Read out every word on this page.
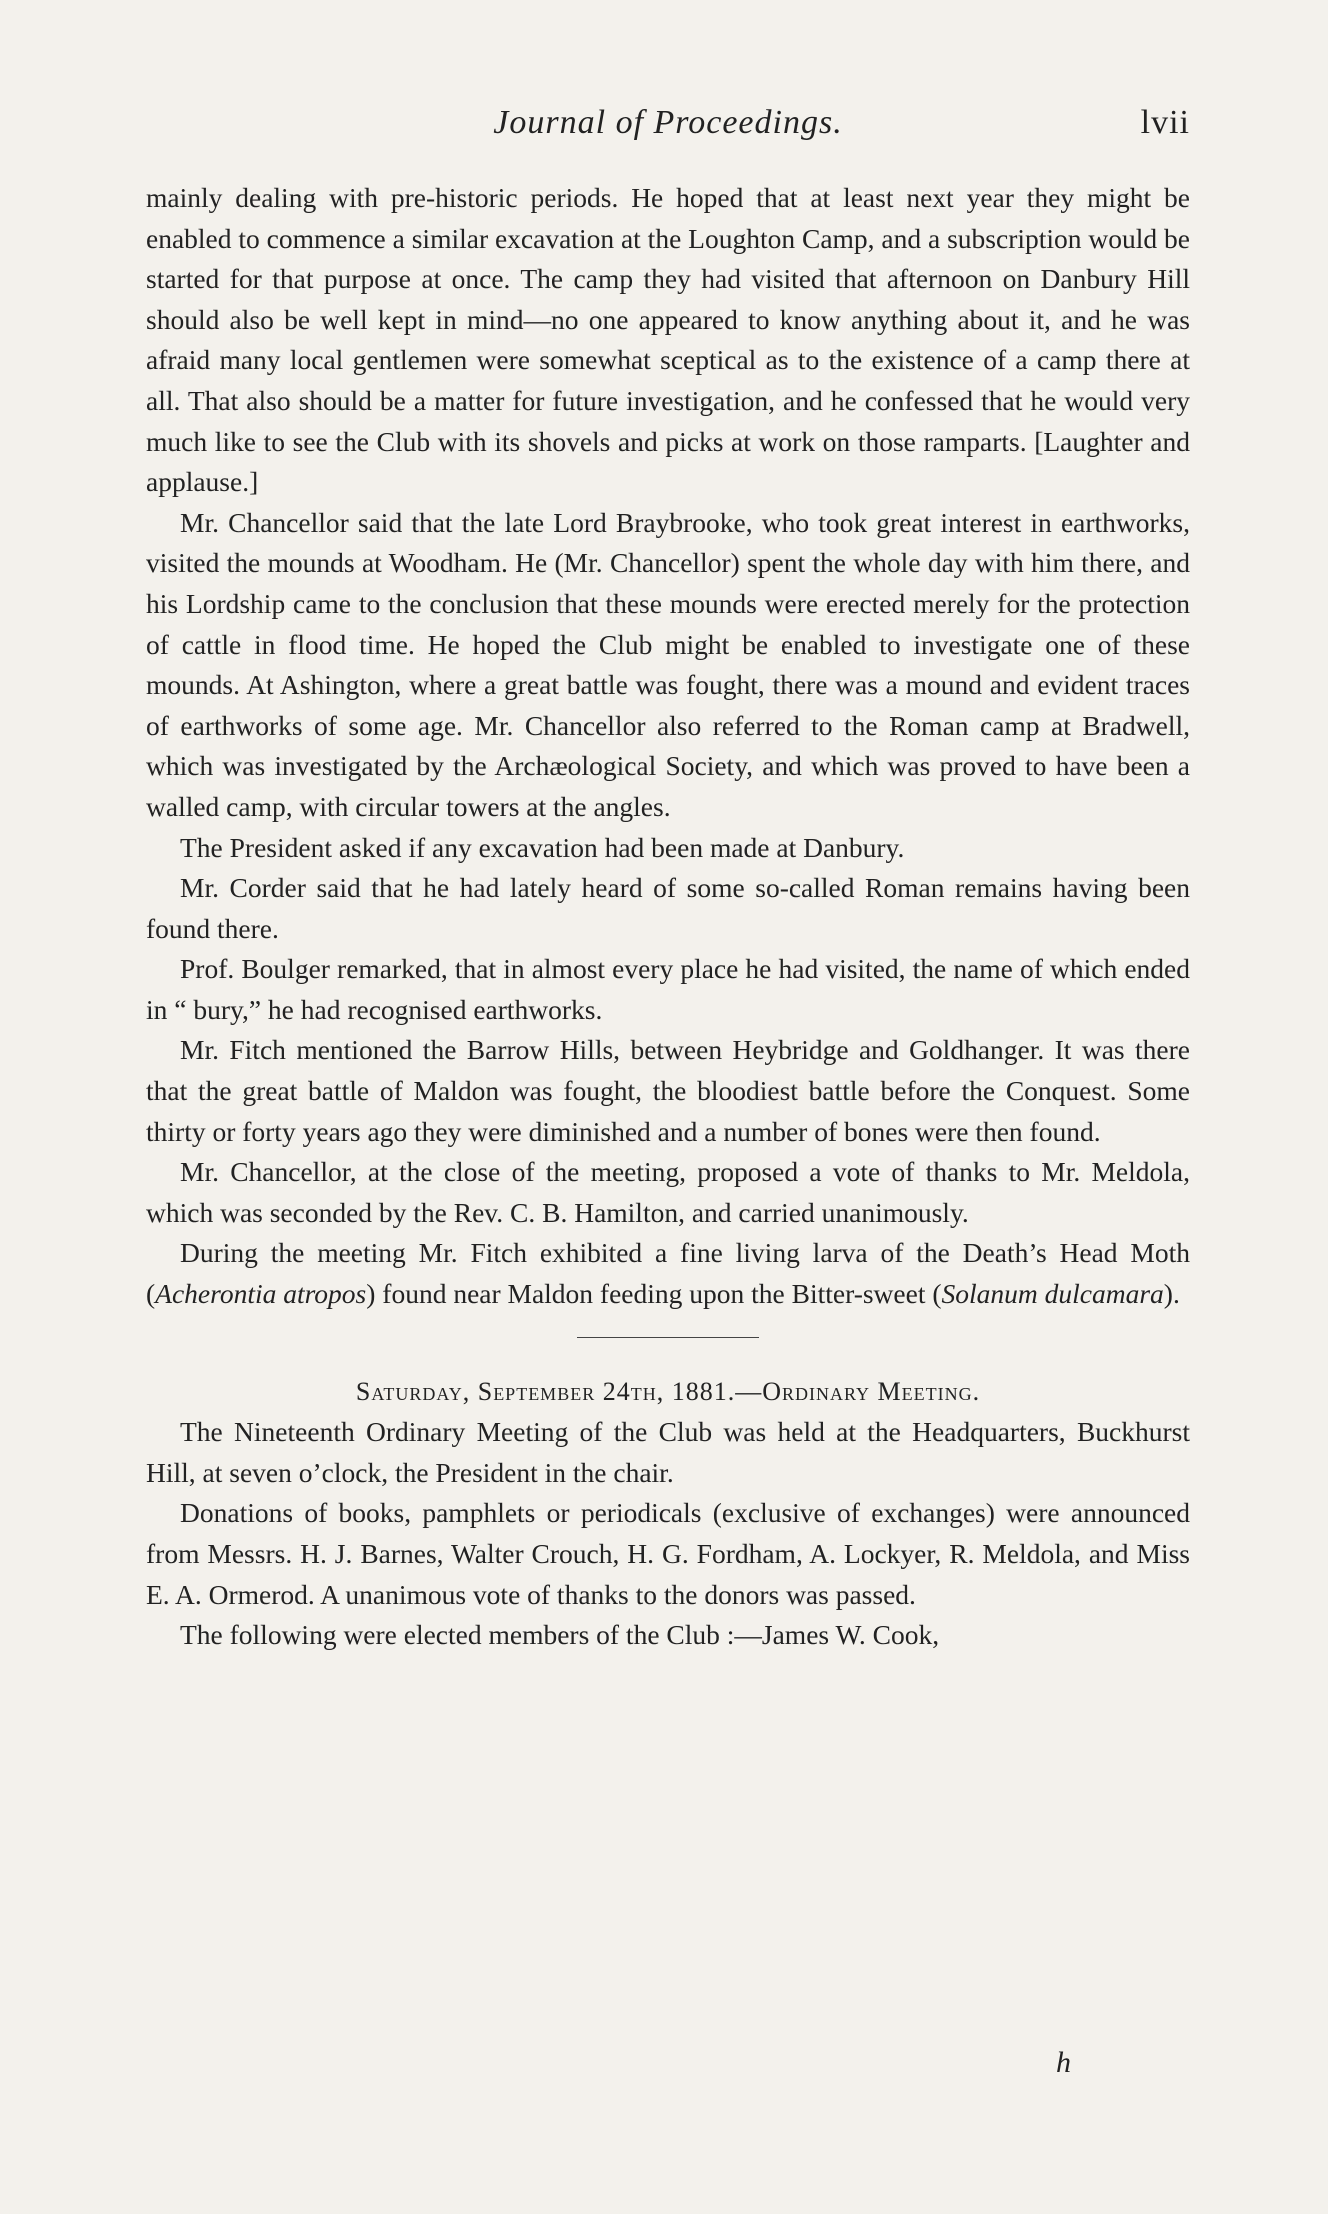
Journal of Proceedings.	lvii

mainly dealing with pre-historic periods. He hoped that at least next year they might be enabled to commence a similar excavation at the Loughton Camp, and a subscription would be started for that purpose at once. The camp they had visited that afternoon on Danbury Hill should also be well kept in mind—no one appeared to know anything about it, and he was afraid many local gentlemen were somewhat sceptical as to the existence of a camp there at all. That also should be a matter for future investigation, and he confessed that he would very much like to see the Club with its shovels and picks at work on those ramparts. [Laughter and applause.]

Mr. Chancellor said that the late Lord Braybrooke, who took great interest in earthworks, visited the mounds at Woodham. He (Mr. Chancellor) spent the whole day with him there, and his Lordship came to the conclusion that these mounds were erected merely for the protection of cattle in flood time. He hoped the Club might be enabled to investigate one of these mounds. At Ashington, where a great battle was fought, there was a mound and evident traces of earthworks of some age. Mr. Chancellor also referred to the Roman camp at Bradwell, which was investigated by the Archæological Society, and which was proved to have been a walled camp, with circular towers at the angles.

The President asked if any excavation had been made at Danbury.

Mr. Corder said that he had lately heard of some so-called Roman remains having been found there.

Prof. Boulger remarked, that in almost every place he had visited, the name of which ended in “ bury,” he had recognised earthworks.

Mr. Fitch mentioned the Barrow Hills, between Heybridge and Goldhanger. It was there that the great battle of Maldon was fought, the bloodiest battle before the Conquest. Some thirty or forty years ago they were diminished and a number of bones were then found.

Mr. Chancellor, at the close of the meeting, proposed a vote of thanks to Mr. Meldola, which was seconded by the Rev. C. B. Hamilton, and carried unanimously.

During the meeting Mr. Fitch exhibited a fine living larva of the Death’s Head Moth (Acherontia atropos) found near Maldon feeding upon the Bitter-sweet (Solanum dulcamara).

Saturday, September 24th, 1881.—Ordinary Meeting.

The Nineteenth Ordinary Meeting of the Club was held at the Headquarters, Buckhurst Hill, at seven o’clock, the President in the chair.

Donations of books, pamphlets or periodicals (exclusive of exchanges) were announced from Messrs. H. J. Barnes, Walter Crouch, H. G. Fordham, A. Lockyer, R. Meldola, and Miss E. A. Ormerod. A unanimous vote of thanks to the donors was passed.

The following were elected members of the Club :—James W. Cook,

h
